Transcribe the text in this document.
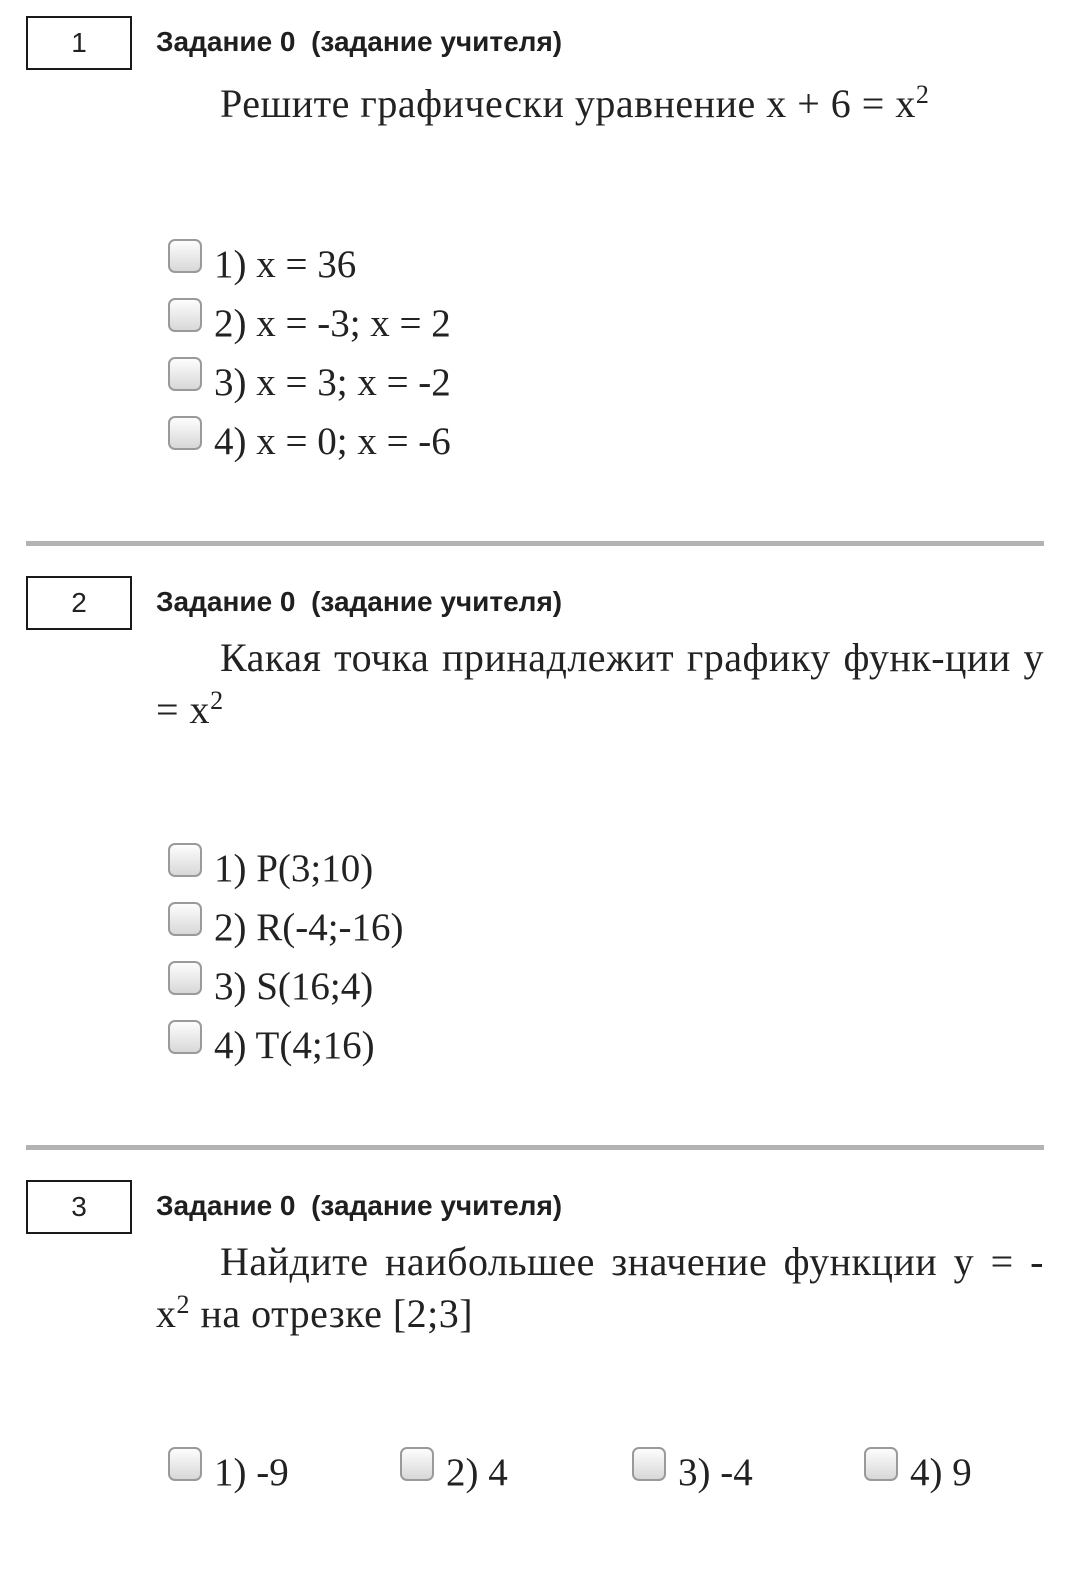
1	Задание 0  (задание учителя)
Решите графически уравнение $x + 6 = x^2$
1) x = 36
2) x = -3; x = 2
3) x = 3; x = -2
4) x = 0; x = -6
2	Задание 0  (задание учителя)
Какая точка принадлежит графику функ-ции $y = x^2$
1) P(3;10)
2) R(-4;-16)
3) S(16;4)
4) T(4;16)
3	Задание 0  (задание учителя)
Найдите наибольшее значение функции y = - $x^2$ на отрезке [2;3]
1) -9	2) 4	3) -4	4) 9
